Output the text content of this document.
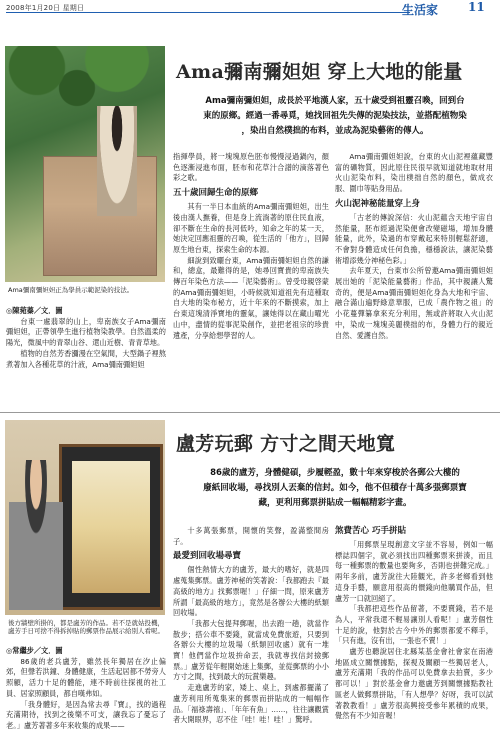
2008年1月20日 星期日	生活家 11
Ama彌南彌妲妲正為學員示範泥染的技法。
Ama彌南彌妲妲 穿上大地的能量
Ama彌南彌妲妲，成長於平地漢人家，五十歲受到祖靈召喚，回到台
東的原鄉。經過一番尋覓，她找回祖先失傳的泥染技法，並搭配植物染
，染出自然樸拙的布料，並成為泥染藝術的傳人。

◎陳菀蓁／文．圖

台東一處翡翠的山上，卑南族女子Ama彌南彌妲妲，正帶領學生進行植物染教學。自然溫柔的陽光，微風中的青翠山谷、還山近樹、青青草地。

植物的自然芳香瀰漫在空氣間，大型鍋子裡熬煮著加入各種花草的汁液，Ama彌南彌妲妲

指揮學員，將一塊塊原色胚布慢慢浸過鍋內，顏色逐漸浸進布面，胚布和花草汁合譜的滴落著色彩之歌。

五十歲回歸生命的原鄉

其有一半日本血統的Ama彌南彌妲妲，出生後由漢人撫養，但是身上流淌著的原住民血液，卻不斷在生命的長河低吟，知命之年的某一天，她決定回應祖靈的召喚，從生活的「他方」，回歸原生地台東，探索生命的本源。

細說到致曬台東，Ama彌南彌妲妲自然的謙和，總盒，最難得的是，她尋回寶貴的卑南族失傳百年染色方法——「泥染藝術」。曾受母親啓蒙的Ama彌南彌妲妲，小時候就知道祖先有這種取自大地的染布秘方，近十年來的不斷摸索，加上台東這塊清淨寶地的靈氣，讓她得以在藏山曜光山中，盡情的從事泥染創作，並把老祖宗的珍貴遺產，分享給想學習的人。

Ama彌南彌妲妲說，台東的火山泥裡蘊藏豐富的礦物質，因此原住民很早就知道就地取材用火山泥染布料，染出樸拙自然的顏色，做成衣服、圍巾等貼身用品。

火山泥神秘能量穿上身

「古老的傳說深信：火山泥蘊含天地宇宙自然能量，胚布經過泥染便會改變磁場，增加身體能量，此外，染過的布穿戴起來特別輕鬆舒適，不會對身體造成任何負擔，穩穩說法，讓泥染藝術增添幾分神秘色彩。」

去年夏天，台東市公所曾邀Ama彌南彌妲妲展出她的「泥染能量藝術」作品，其中親讓人驚奇的，便是Ama彌南彌妲妲化身為大地和宇宙、融合滿山遍野綠意華服，已成「農作物之祖」的小花蔓彈纂拿來充分利用，無或許將取入火山泥中，染成一塊塊美麗樸拙的布，身體力行的親近自然、愛護自然。

後方牆壁所掛的，都是盧芳的作品。若不是就姑投機，盧芳手日可捨不得拆掉貼的郵票作品展示給別人看呢。
盧芳玩郵 方寸之間天地寬
86歲的盧芳，身體健碩，步履輕盈，數十年來穿梭於各郵公大樓的
廢紙回收場，尋找別人丟棄的信封。如今，他不但積存十萬多張郵票寶
藏，更利用郵票拼貼成一幅幅精彩字畫。

◎常繼步／文．圖

86歲的老兵盧芳，雖然長年獨居在汐止偏郊，但聲若洪鐘、身體健康，生活起居都不勞旁人照顧，活力十足的體能，連不時前往探視的社工員、居家照顧員，都自嘆弗如。

「我身體好，是因為常去尋『寶』，找的過程充滿期待，找到之後樂不可支，讓我忘了憂忘了老。」盧芳著著多年來收集的成果——

十多萬張郵票，開懷的笑聲，盈滿整間房子。

最愛到回收場尋寶

個性熱情大方的盧芳，最大的嗜好，就是四處蒐集郵票。盧芳神秘的笑著說：「我都跑去『最高級的地方』找郵票喔！」仔細一問，原來盧芳所謂「最高級的地方」，竟然是各辦公大樓的紙類回收場。

「我都大包提拜郵喔，出去跑一趟，就當作散步；搭公車不要錢，就當成免費旅遊，只要到各辦公大樓的垃圾場（紙類回收處）就有一堆寶！他們當作垃圾拚命丟，我就專找信封撿郵票。」盧芳從年輕開始迷上集郵，並從郵票的小小方寸之間，找到最大的玩賞樂趣。

走進盧芳的家，矮上、桌上，到處都擺滿了盧芳利用所蒐集來的郵票而拼貼成的一幅幅作品。「福祿壽禧」、「年年有魚」……，往往讓觀賞者大開眼界，忍不住「哇！哇！哇！」驚呼。

煞費苦心 巧手拼貼

「用郵票呈現創意文字並不容易，例如一幅標誌四個字，就必須找出四種郵票來拼湊，而且每一種郵票的數量也要夠多，否則也拼難完成。」兩年多前，盧芳說往大陸觀光，許多老鄉看到他這身手藝，願意用很高的價錢向他購買作品，但盧芳一口就回絕了。

「我都把這些作品留著，不要賣錢，若不是為人，平常我還不輕易讓別人看呢！」盧芳個性十足的說，他對於古今中外的郵票都愛不釋手，「只有進，沒有出，一張也不賣！」

盧芳也聽說居住北縣某基金會社會家在南港地區成立關懷據點，探視及關顧一些獨居老人，盧芳充滿期「我的作品可以免費拿去拍賣，多少都可以！」對於基金會力邀盧芳到關懷據點教社區老人做郵票拼貼，「有人想學？好呀，我可以試著教教看！」盧芳很高興接受參年累積的成果，覺然有不少知音喔！
